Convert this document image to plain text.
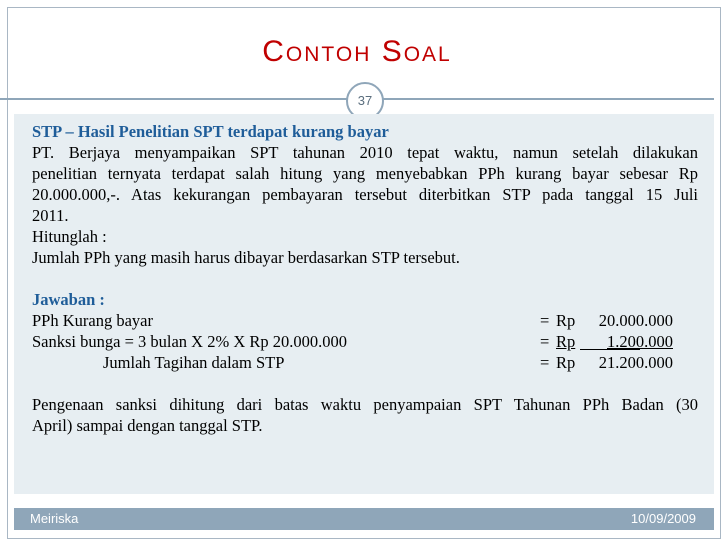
Contoh Soal
37
STP – Hasil Penelitian SPT terdapat kurang bayar
PT. Berjaya menyampaikan SPT tahunan 2010 tepat waktu, namun setelah dilakukan
penelitian ternyata terdapat salah hitung yang menyebabkan PPh kurang bayar sebesar Rp
20.000.000,-. Atas kekurangan pembayaran tersebut diterbitkan STP pada tanggal 15 Juli
2011.
Hitunglah :
Jumlah PPh yang masih harus dibayar berdasarkan STP tersebut.
Jawaban :
PPh Kurang bayar	= Rp 20.000.000
Sanksi bunga = 3 bulan X 2% X Rp 20.000.000	= Rp 1.200.000
Jumlah Tagihan dalam STP	= Rp 21.200.000
Pengenaan sanksi dihitung dari batas waktu penyampaian SPT Tahunan PPh Badan (30
April) sampai dengan tanggal STP.
Meiriska	10/09/2009
